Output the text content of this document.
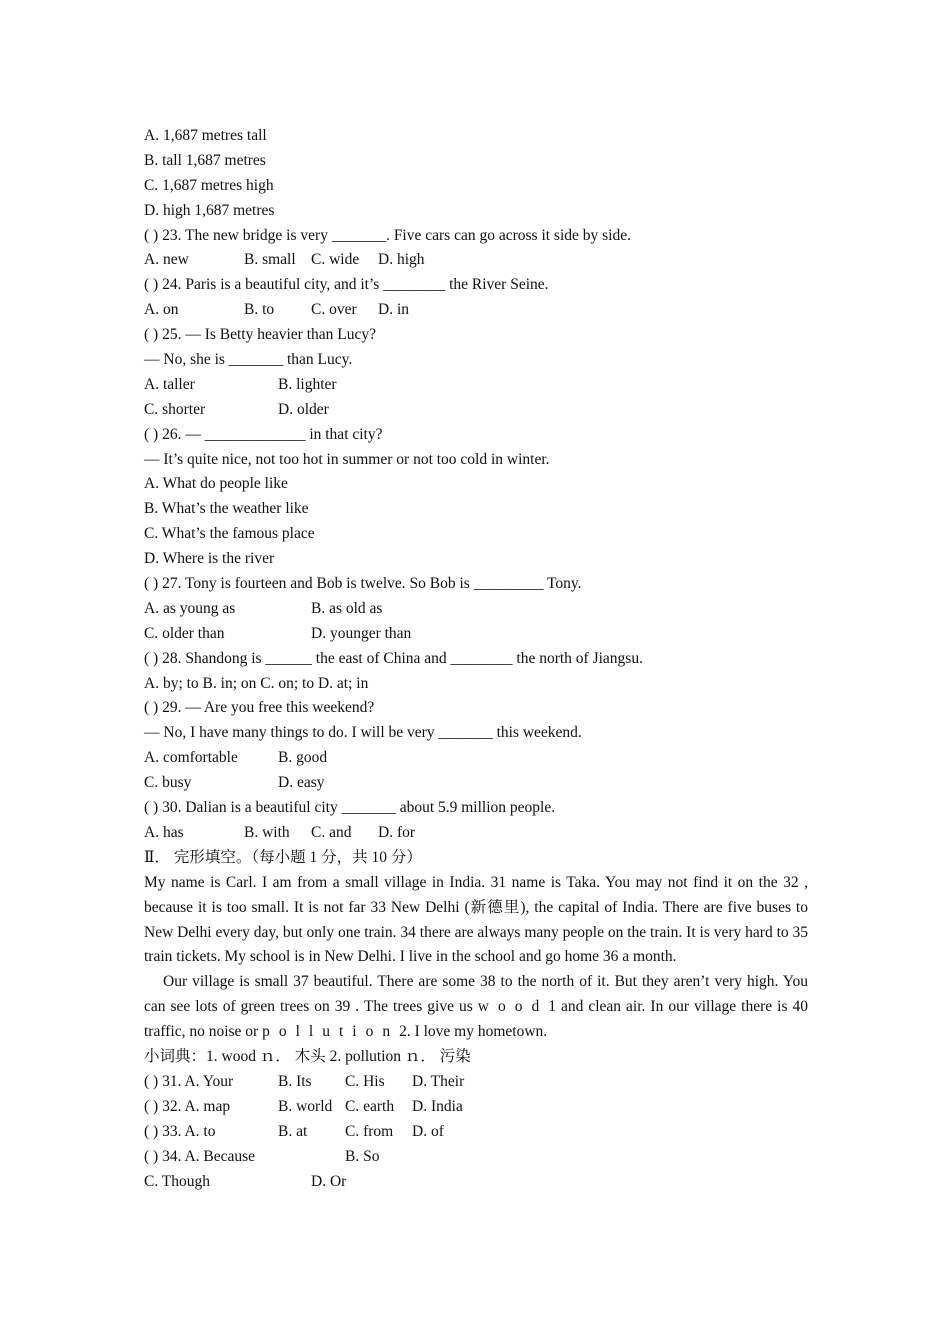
A. 1,687 metres tall
B. tall 1,687 metres
C. 1,687 metres high
D. high 1,687 metres
( ) 23. The new bridge is very _______. Five cars can go across it side by side.
A. new	B. small C. wide	D. high
( ) 24. Paris is a beautiful city, and it’s ________ the River Seine.
A. on	B. to	C. over	D. in
( ) 25. — Is Betty heavier than Lucy?
— No, she is _______ than Lucy.
A. taller	B. lighter
C. shorter	D. older
( ) 26. — _____________ in that city?
— It’s quite nice, not too hot in summer or not too cold in winter.
A. What do people like
B. What’s the weather like
C. What’s the famous place
D. Where is the river
( ) 27. Tony is fourteen and Bob is twelve. So Bob is _________ Tony.
A. as young as	B. as old as
C. older than	D. younger than
( ) 28. Shandong is ______ the east of China and ________ the north of Jiangsu.
A. by; to B. in; on C. on; to D. at; in
( ) 29. — Are you free this weekend?
— No, I have many things to do. I will be very _______ this weekend.
A. comfortable	B. good
C. busy	D. easy
( ) 30. Dalian is a beautiful city _______ about 5.9 million people.
A. has	B. with	C. and	D. for
Ⅱ． 完形填空。（每小题 1 分，共 10 分）
My name is Carl. I am from a small village in India. 31 name is Taka. You may not find it on the 32 , because it is too small. It is not far 33 New Delhi (新德里), the capital of India. There are five buses to New Delhi every day, but only one train. 34 there are always many people on the train. It is very hard to 35 train tickets. My school is in New Delhi. I live in the school and go home 36 a month.
Our village is small 37 beautiful. There are some 38 to the north of it. But they aren’t very high. You can see lots of green trees on 39 . The trees give us wood1 and clean air. In our village there is 40 traffic, no noise or pollution2. I love my hometown.
小词典：1. wood ｎ． 木头 2. pollution ｎ． 污染
( ) 31. A. Your	B. Its	C. His	D. Their
( ) 32. A. map	B. world C. earth	D. India
( ) 33. A. to	B. at	C. from	D. of
( ) 34. A. Because	B. So
C. Though	D. Or
